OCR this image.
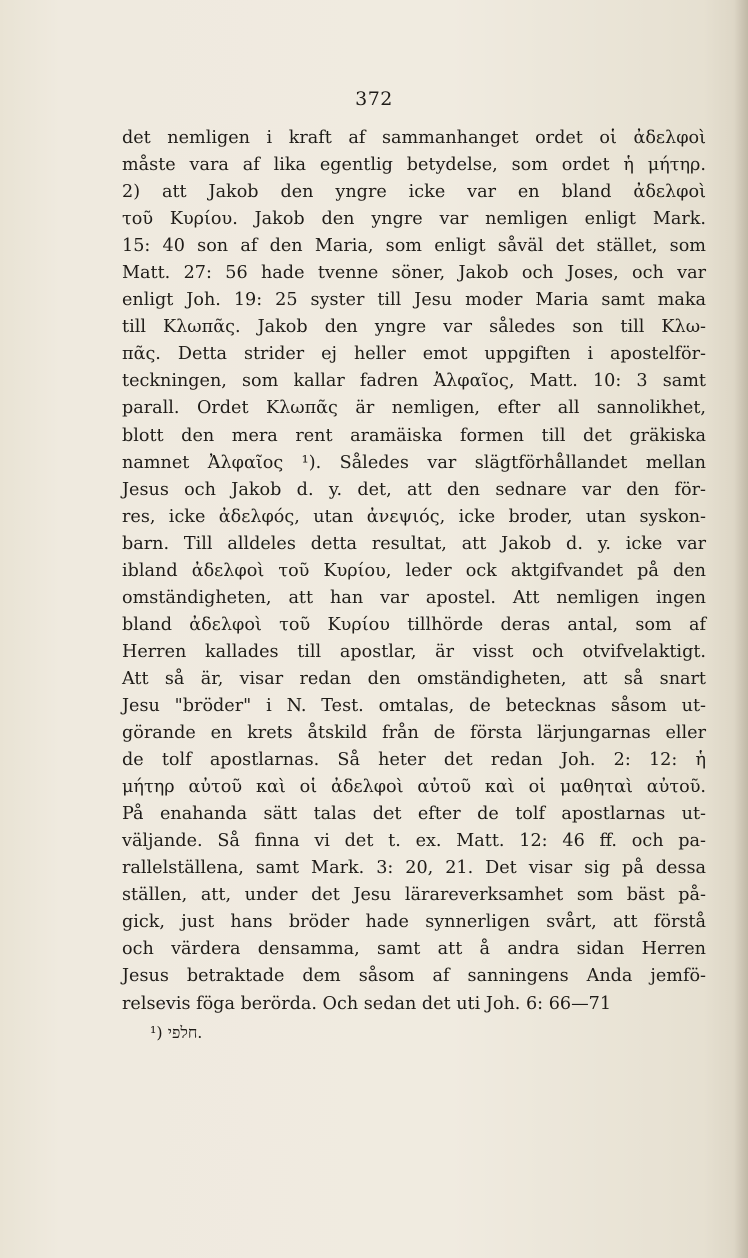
372
det nemligen i kraft af sammanhanget ordet οἱ ἀδελφοὶ
måste vara af lika egentlig betydelse, som ordet ἡ μήτηρ.
2) att Jakob den yngre icke var en bland ἀδελφοὶ
τοῦ Κυρίου. Jakob den yngre var nemligen enligt Mark.
15: 40 son af den Maria, som enligt såväl det stället, som
Matt. 27: 56 hade tvenne söner, Jakob och Joses, och var
enligt Joh. 19: 25 syster till Jesu moder Maria samt maka
till Κλωπᾶς. Jakob den yngre var således son till Κλω-
πᾶς. Detta strider ej heller emot uppgiften i apostelför-
teckningen, som kallar fadren Ἀλφαῖος, Matt. 10: 3 samt
parall. Ordet Κλωπᾶς är nemligen, efter all sannolikhet,
blott den mera rent aramäiska formen till det gräkiska
namnet Ἀλφαῖος ¹). Således var slägtförhållandet mellan
Jesus och Jakob d. y. det, att den sednare var den för-
res, icke ἀδελφός, utan ἀνεψιός, icke broder, utan syskon-
barn. Till alldeles detta resultat, att Jakob d. y. icke var
ibland ἀδελφοὶ τοῦ Κυρίου, leder ock aktgifvandet på den
omständigheten, att han var apostel. Att nemligen ingen
bland ἀδελφοὶ τοῦ Κυρίου tillhörde deras antal, som af
Herren kallades till apostlar, är visst och otvifvelaktigt.
Att så är, visar redan den omständigheten, att så snart
Jesu "bröder" i N. Test. omtalas, de betecknas såsom ut-
görande en krets åtskild från de första lärjungarnas eller
de tolf apostlarnas. Så heter det redan Joh. 2: 12: ἡ
μήτηρ αὐτοῦ καὶ οἱ ἀδελφοὶ αὐτοῦ καὶ οἱ μαθηταὶ αὐτοῦ.
På enahanda sätt talas det efter de tolf apostlarnas ut-
väljande. Så finna vi det t. ex. Matt. 12: 46 ff. och pa-
rallelställena, samt Mark. 3: 20, 21. Det visar sig på dessa
ställen, att, under det Jesu lärareverksamhet som bäst på-
gick, just hans bröder hade synnerligen svårt, att förstå
och värdera densamma, samt att å andra sidan Herren
Jesus betraktade dem såsom af sanningens Anda jemfö-
relsevis föga berörda. Och sedan det uti Joh. 6: 66—71
¹) חלפי.
